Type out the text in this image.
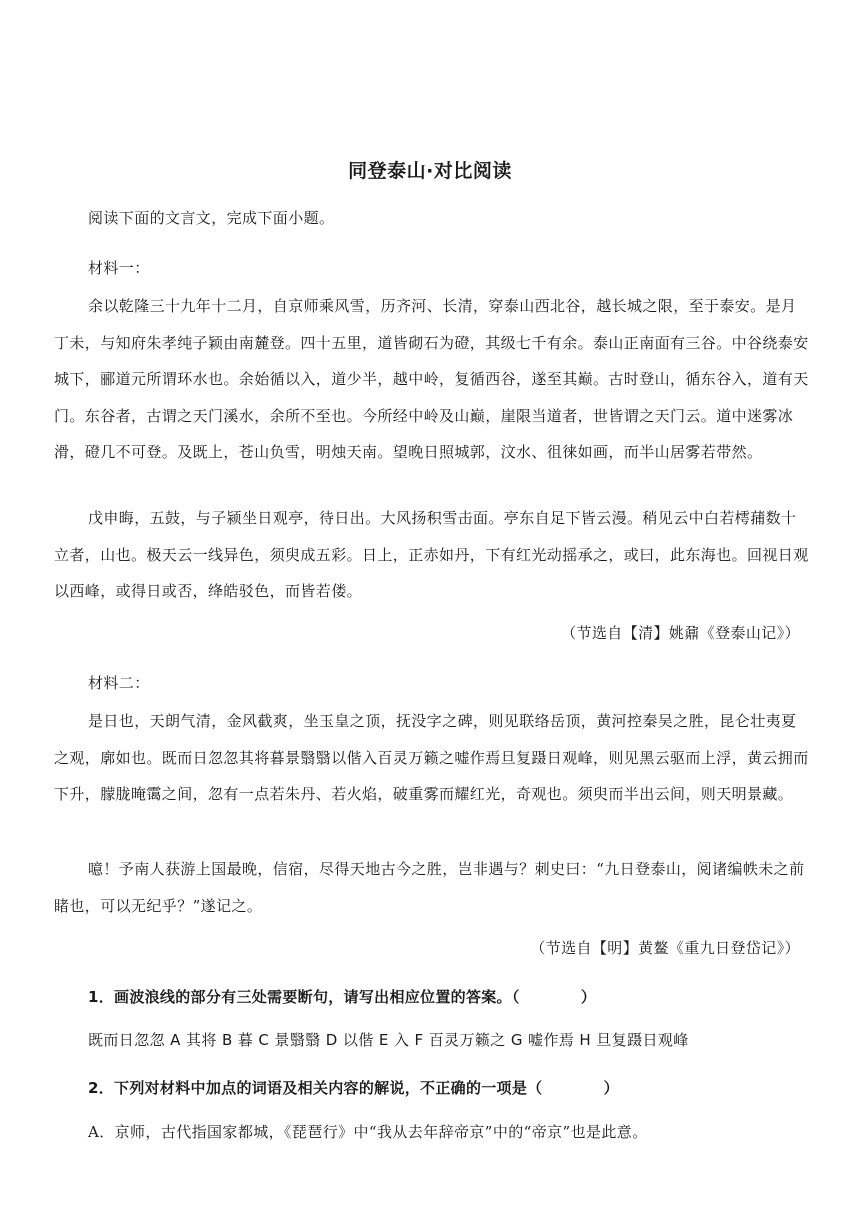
同登泰山·对比阅读

阅读下面的文言文，完成下面小题。

材料一：

余以乾隆三十九年十二月，自京师乘风雪，历齐河、长清，穿泰山西北谷，越长城之限，至于泰安。是月丁未，与知府朱孝纯子颖由南麓登。四十五里，道皆砌石为磴，其级七千有余。泰山正南面有三谷。中谷绕泰安城下，郦道元所谓环水也。余始循以入，道少半，越中岭，复循西谷，遂至其巅。古时登山，循东谷入，道有天门。东谷者，古谓之天门溪水，余所不至也。今所经中岭及山巅，崖限当道者，世皆谓之天门云。道中迷雾冰滑，磴几不可登。及既上，苍山负雪，明烛天南。望晚日照城郭，汶水、徂徕如画，而半山居雾若带然。

戊申晦，五鼓，与子颍坐日观亭，待日出。大风扬积雪击面。亭东自足下皆云漫。稍见云中白若樗蒱数十立者，山也。极天云一线异色，须臾成五彩。日上，正赤如丹，下有红光动摇承之，或曰，此东海也。回视日观以西峰，或得日或否，绛皓驳色，而皆若偻。

（节选自【清】姚鼐《登泰山记》）

材料二：

是日也，天朗气清，金风截爽，坐玉皇之顶，抚没字之碑，则见联络岳顶，黄河控秦吴之胜，昆仑壮夷夏之观，廓如也。既而日忽忽其将暮景翳翳以偕入百灵万籁之嘘作焉旦复蹑日观峰，则见黑云驱而上浮，黄云拥而下升，朦胧晻霭之间，忽有一点若朱丹、若火焰，破重雾而耀红光，奇观也。须臾而半出云间，则天明景藏。

噫！予南人获游上国最晚，信宿，尽得天地古今之胜，岂非遇与？刺史曰：“九日登泰山，阅诸编帙未之前睹也，可以无纪乎？”遂记之。

（节选自【明】黄鳌《重九日登岱记》）

1．画波浪线的部分有三处需要断句，请写出相应位置的答案。（　　　　）

既而日忽忽 A 其将 B 暮 C 景翳翳 D 以偕 E 入 F 百灵万籁之 G 嘘作焉 H 旦复蹑日观峰

2．下列对材料中加点的词语及相关内容的解说，不正确的一项是（　　　　）

A．京师，古代指国家都城，《琵琶行》中“我从去年辞帝京”中的“帝京”也是此意。
